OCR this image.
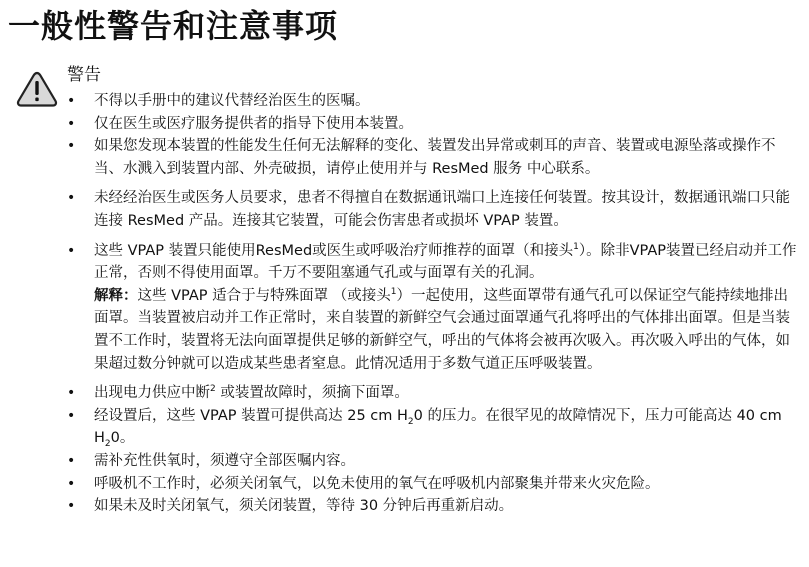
一般性警告和注意事项
警告
• 不得以手册中的建议代替经治医生的医嘱。
• 仅在医生或医疗服务提供者的指导下使用本装置。
• 如果您发现本装置的性能发生任何无法解释的变化、装置发出异常或刺耳的声音、装置或电源坠落或操作不当、水溅入到装置内部、外壳破损，请停止使用并与 ResMed 服务 中心联系。
• 未经经治医生或医务人员要求，患者不得擅自在数据通讯端口上连接任何装置。按其设计，数据通讯端口只能连接 ResMed 产品。连接其它装置，可能会伤害患者或损坏 VPAP 装置。
• 这些 VPAP 装置只能使用ResMed或医生或呼吸治疗师推荐的面罩（和接头$^1$）。除非VPAP装置已经启动并工作正常，否则不得使用面罩。千万不要阻塞通气孔或与面罩有关的孔洞。
解释：这些 VPAP 适合于与特殊面罩 （或接头$^1$）一起使用，这些面罩带有通气孔可以保证空气能持续地排出面罩。当装置被启动并工作正常时，来自装置的新鲜空气会通过面罩通气孔将呼出的气体排出面罩。但是当装置不工作时，装置将无法向面罩提供足够的新鲜空气，呼出的气体将会被再次吸入。再次吸入呼出的气体，如果超过数分钟就可以造成某些患者窒息。此情况适用于多数气道正压呼吸装置。
• 出现电力供应中断$^2$ 或装置故障时，须摘下面罩。
• 经设置后，这些 VPAP 装置可提供高达 25 cm $H_20$ 的压力。在很罕见的故障情况下，压力可能高达 40 cm $H_20$。
• 需补充性供氧时，须遵守全部医嘱内容。
• 呼吸机不工作时，必须关闭氧气，以免未使用的氧气在呼吸机内部聚集并带来火灾危险。
• 如果未及时关闭氧气，须关闭装置，等待 30 分钟后再重新启动。
